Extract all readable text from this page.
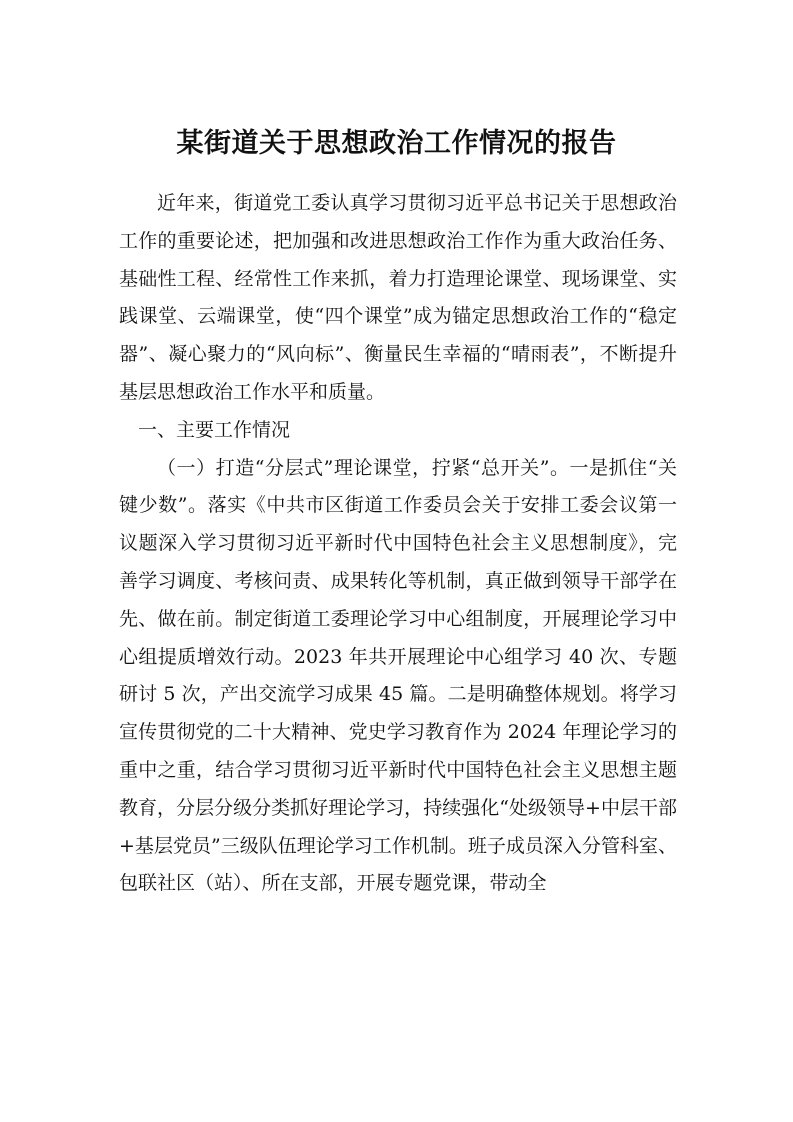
某街道关于思想政治工作情况的报告

近年来，街道党工委认真学习贯彻习近平总书记关于思想政治工作的重要论述，把加强和改进思想政治工作作为重大政治任务、基础性工程、经常性工作来抓，着力打造理论课堂、现场课堂、实践课堂、云端课堂，使“四个课堂”成为锚定思想政治工作的“稳定器”、凝心聚力的“风向标”、衡量民生幸福的“晴雨表”，不断提升基层思想政治工作水平和质量。

一、主要工作情况

（一）打造“分层式”理论课堂，拧紧“总开关”。一是抓住“关键少数”。落实《中共市区街道工作委员会关于安排工委会议第一议题深入学习贯彻习近平新时代中国特色社会主义思想制度》，完善学习调度、考核问责、成果转化等机制，真正做到领导干部学在先、做在前。制定街道工委理论学习中心组制度，开展理论学习中心组提质增效行动。2023 年共开展理论中心组学习 40 次、专题研讨 5 次，产出交流学习成果 45 篇。二是明确整体规划。将学习宣传贯彻党的二十大精神、党史学习教育作为 2024 年理论学习的重中之重，结合学习贯彻习近平新时代中国特色社会主义思想主题教育，分层分级分类抓好理论学习，持续强化“处级领导+中层干部+基层党员”三级队伍理论学习工作机制。班子成员深入分管科室、包联社区（站）、所在支部，开展专题党课，带动全
